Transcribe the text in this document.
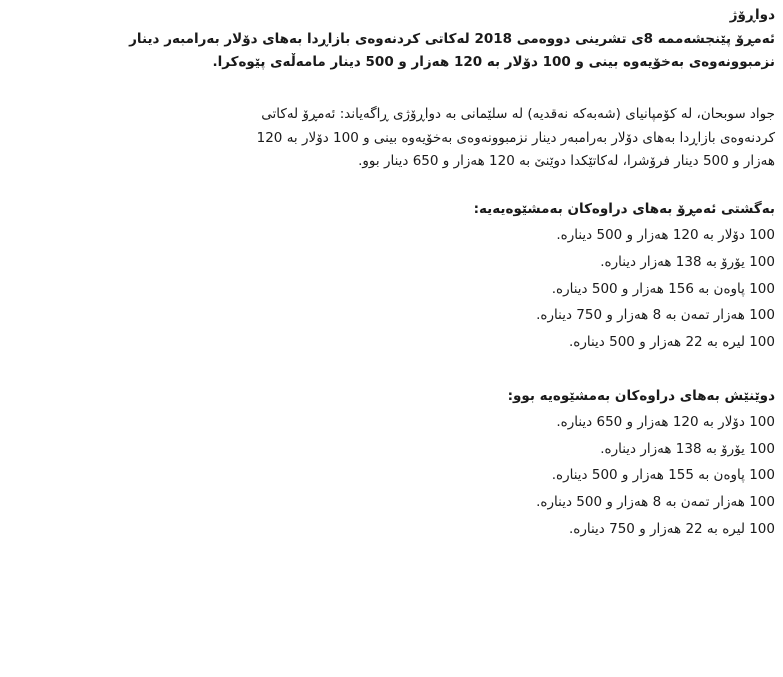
دواڕۆژ
ئەمڕۆ پێنجشەممە 8ی تشرینی دووەمی 2018 لەکاتی کردنەوەی بازاڕدا بەهای دۆلار بەرامبەر دینار
نزمبوونەوەی بەخۆیەوە بینی و 100 دۆلار بە 120 هەزار و 500 دینار مامەڵەی پێوەکرا.
جواد سوبحان، لە کۆمپانیای (شەبەکە نەقدیە) لە سلێمانی بە دواڕۆژی ڕاگەیاند: ئەمڕۆ لەکاتی
کردنەوەی بازاڕدا بەهای دۆلار بەرامبەر دینار نزمبوونەوەی بەخۆیەوە بینی و 100 دۆلار بە 120
هەزار و 500 دینار فرۆشرا، لەکاتێکدا دوێنێ بە 120 هەزار و 650 دینار بوو.
بەگشتی ئەمڕۆ بەهای دراوەکان بەمشێوەیەیە:
100 دۆلار بە 120 هەزار و 500 دینارە.
100 یۆرۆ بە 138 هەزار دینارە.
100 پاوەن بە 156 هەزار و 500 دینارە.
100 هەزار تمەن بە 8 هەزار و 750 دینارە.
100 لیرە بە 22 هەزار و 500 دینارە.
دوێنێش بەهای دراوەکان بەمشێوەیە بوو:
100 دۆلار بە 120 هەزار و 650 دینارە.
100 یۆرۆ بە 138 هەزار دینارە.
100 پاوەن بە 155 هەزار و 500 دینارە.
100 هەزار تمەن بە 8 هەزار و 500 دینارە.
100 لیرە بە 22 هەزار و 750 دینارە.
